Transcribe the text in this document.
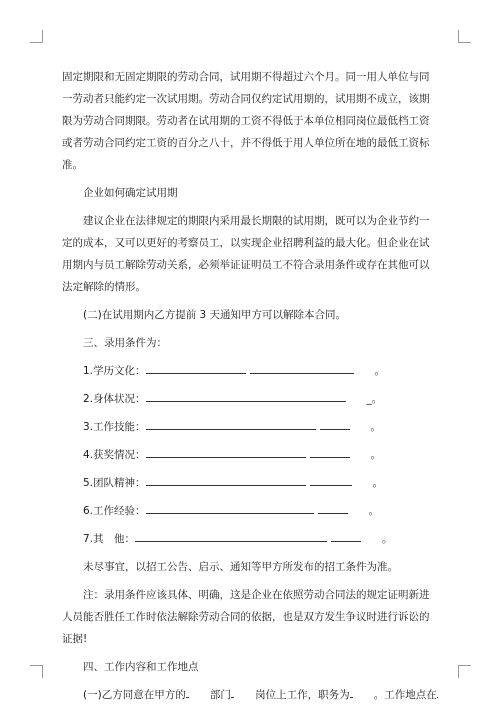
固定期限和无固定期限的劳动合同，试用期不得超过六个月。同一用人单位与同一劳动者只能约定一次试用期。劳动合同仅约定试用期的，试用期不成立，该期限为劳动合同期限。劳动者在试用期的工资不得低于本单位相同岗位最低档工资或者劳动合同约定工资的百分之八十，并不得低于用人单位所在地的最低工资标准。

企业如何确定试用期

建议企业在法律规定的期限内采用最长期限的试用期，既可以为企业节约一定的成本，又可以更好的考察员工，以实现企业招聘利益的最大化。但企业在试用期内与员工解除劳动关系，必须举证证明员工不符合录用条件或存在其他可以法定解除的情形。

(二)在试用期内乙方提前 3 天通知甲方可以解除本合同。

三、录用条件为：

1.学历文化：	。
2.身体状况：	_。
3.工作技能：	。
4.获奖情况：	。
5.团队精神：	。
6.工作经验：	。
7.其　他：	。

未尽事宜，以招工公告、启示、通知等甲方所发布的招工条件为准。

注：录用条件应该具体、明确，这是企业在依照劳动合同法的规定证明新进人员能否胜任工作时依法解除劳动合同的依据，也是双方发生争议时进行诉讼的证据!

四、工作内容和工作地点

(一)乙方同意在甲方的	部门	岗位上工作，职务为	。工作地点在
